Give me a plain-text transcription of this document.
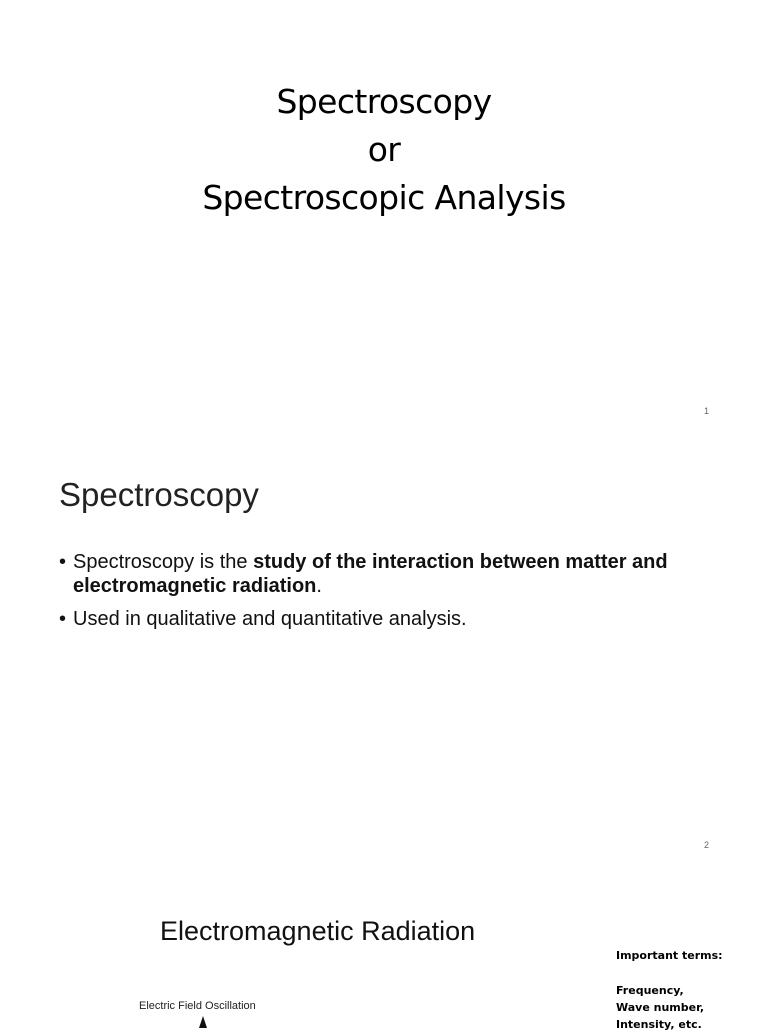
Spectroscopy
or
Spectroscopic Analysis
1
Spectroscopy
• Spectroscopy is the study of the interaction between matter and electromagnetic radiation.
• Used in qualitative and quantitative analysis.
2
Electromagnetic Radiation
Important terms:
Frequency,
Wave number,
Intensity, etc.
Electric Field Oscillation
